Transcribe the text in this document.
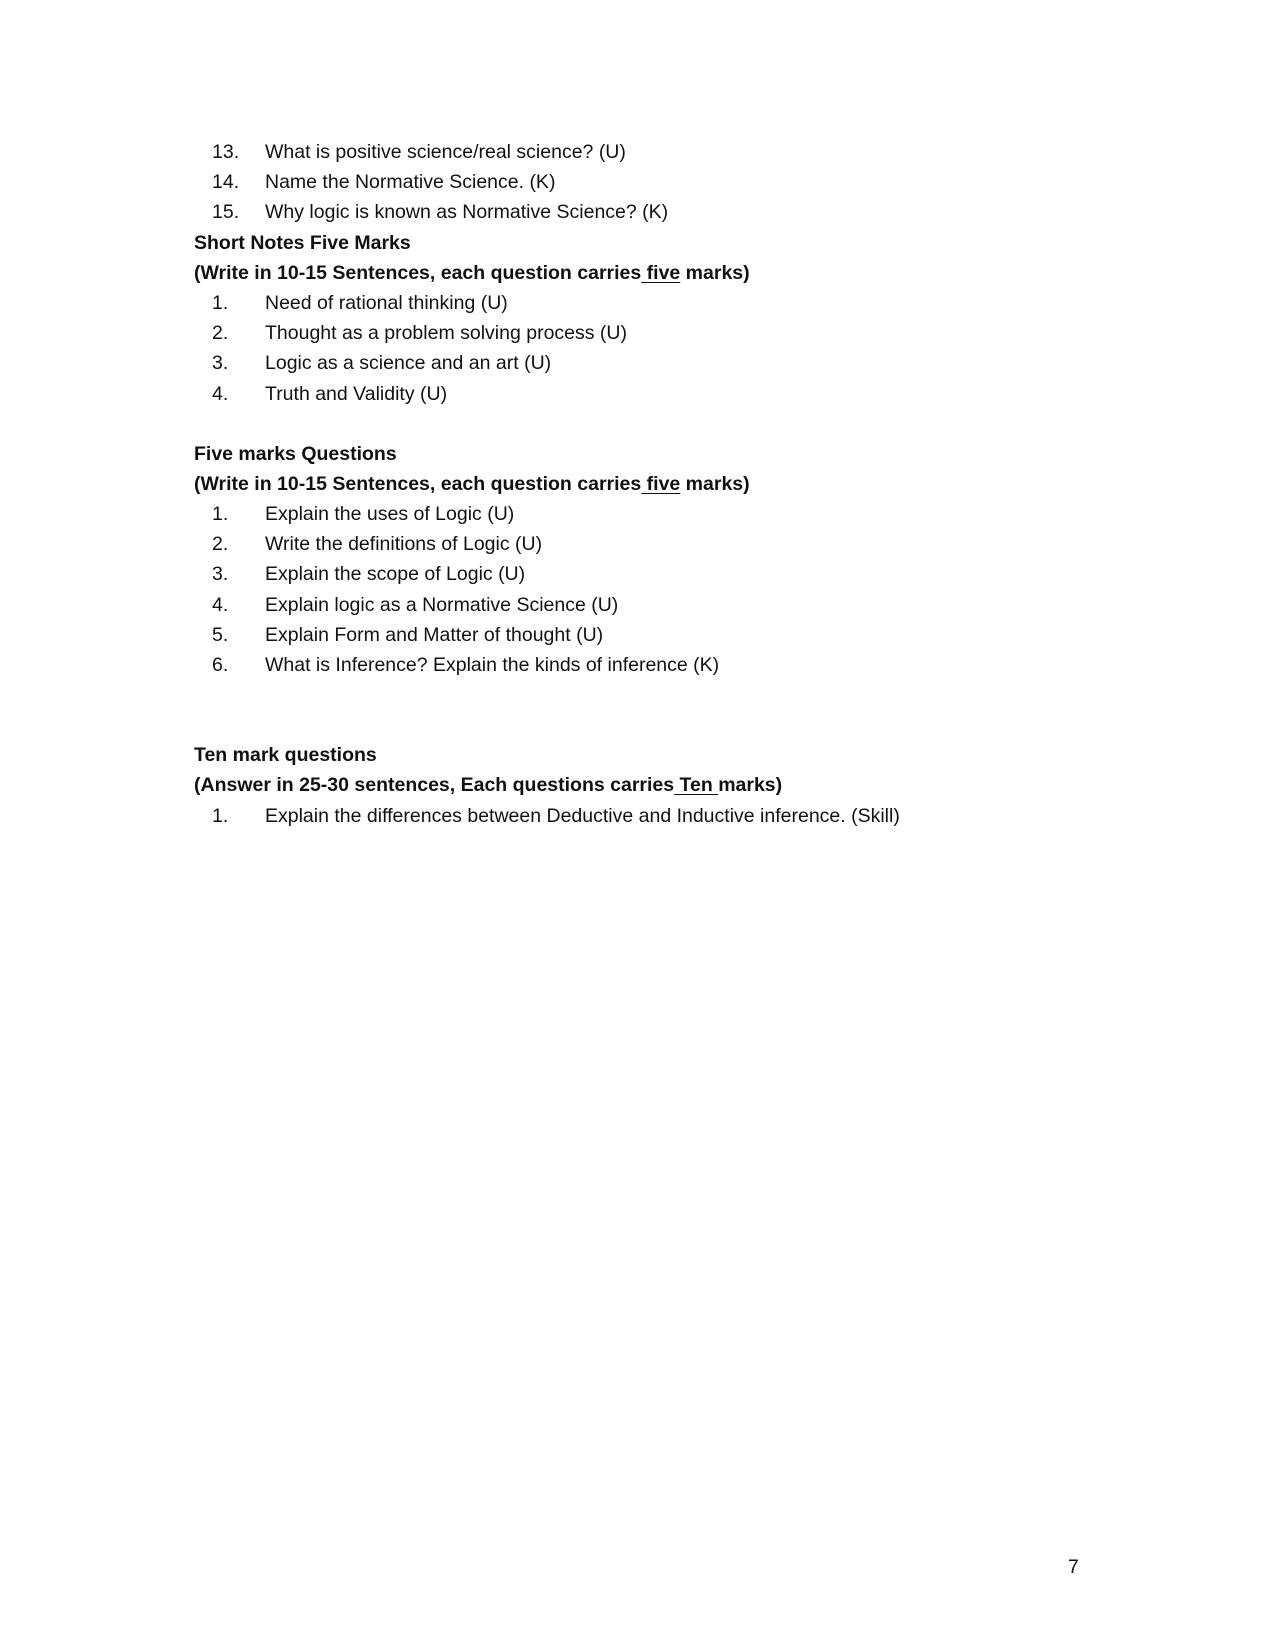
13. What is positive science/real science? (U)
14. Name the Normative Science. (K)
15. Why logic is known as Normative Science? (K)
Short Notes Five Marks
(Write in 10-15 Sentences, each question carries five marks)
1. Need of rational thinking (U)
2. Thought as a problem solving process (U)
3. Logic as a science and an art (U)
4. Truth and Validity (U)
Five marks Questions
(Write in 10-15 Sentences, each question carries five marks)
1. Explain the uses of Logic (U)
2. Write the definitions of Logic (U)
3. Explain the scope of Logic (U)
4. Explain logic as a Normative Science (U)
5. Explain Form and Matter of thought (U)
6. What is Inference? Explain the kinds of inference (K)
Ten mark questions
(Answer in 25-30 sentences, Each questions carries Ten marks)
1. Explain the differences between Deductive and Inductive inference. (Skill)
7
